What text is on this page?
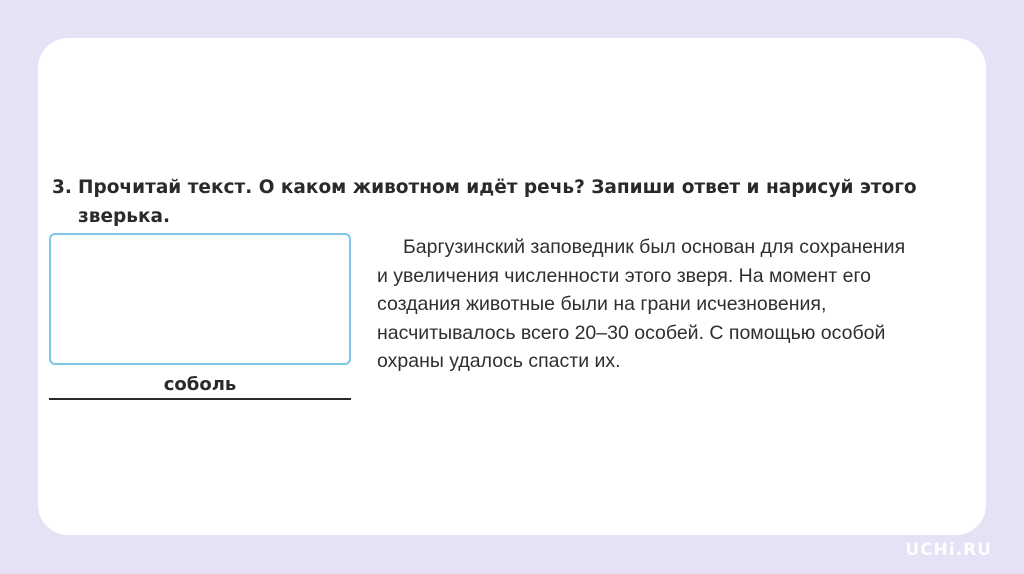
3. Прочитай текст. О каком животном идёт речь? Запиши ответ и нарисуй этого
зверька.
соболь
Баргузинский заповедник был основан для сохранения
и увеличения численности этого зверя. На момент его
создания животные были на грани исчезновения,
насчитывалось всего 20–30 особей. С помощью особой
охраны удалось спасти их.
UCHi.RU
